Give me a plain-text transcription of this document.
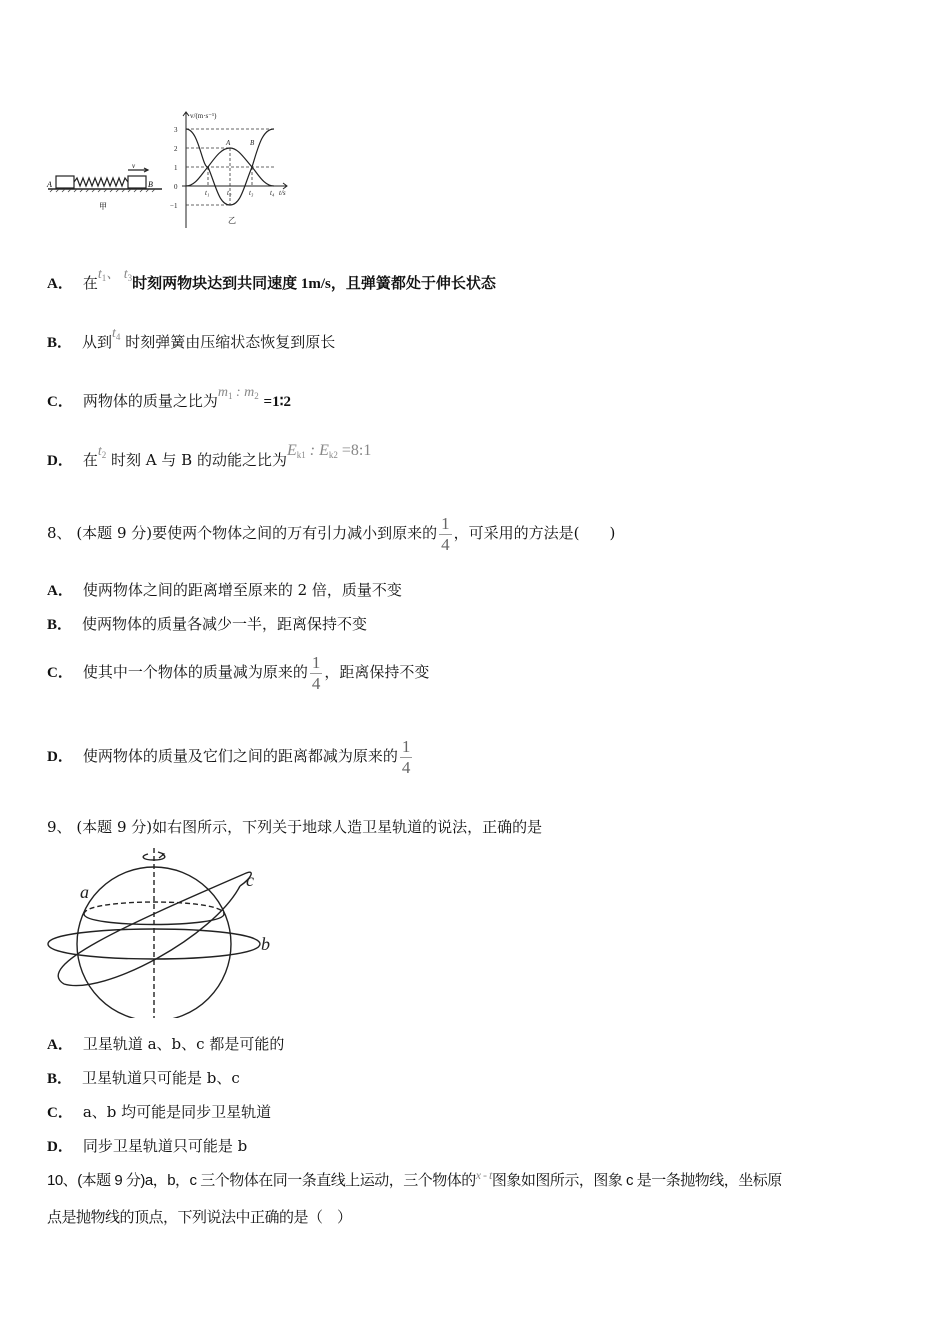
A	B
v
甲
3
2
1
0
−1
v/(m·s⁻¹)
t₁	t₂	t₃ t₄ t/s
A	B
乙
A． 在$t_1$、 $t_3$时刻两物块达到共同速度 1m/s，且弹簧都处于伸长状态
B． 从到$t_4$ 时刻弹簧由压缩状态恢复到原长
C． 两物体的质量之比为$m_1$ : $m_2$ =1∶2
D． 在$t_2$ 时刻 A 与 B 的动能之比为$E_{k1}$ : $E_{k2}$ =8:1
8、 (本题 9 分)要使两个物体之间的万有引力减小到原来的 $\frac{1}{4}$ ，可采用的方法是(　　)
A． 使两物体之间的距离增至原来的 2 倍，质量不变
B． 使两物体的质量各减少一半，距离保持不变
C． 使其中一个物体的质量减为原来的 $\frac{1}{4}$ ，距离保持不变
D． 使两物体的质量及它们之间的距离都减为原来的 $\frac{1}{4}$
9、 (本题 9 分)如右图所示，下列关于地球人造卫星轨道的说法，正确的是
a
b
c
A． 卫星轨道 a、b、c 都是可能的
B． 卫星轨道只可能是 b、c
C． a、b 均可能是同步卫星轨道
D． 同步卫星轨道只可能是 b
10、(本题 9 分)a，b，c 三个物体在同一条直线上运动，三个物体的$^{x - t}$图象如图所示，图象 c 是一条抛物线，坐标原
点是抛物线的顶点，下列说法中正确的是（　）
